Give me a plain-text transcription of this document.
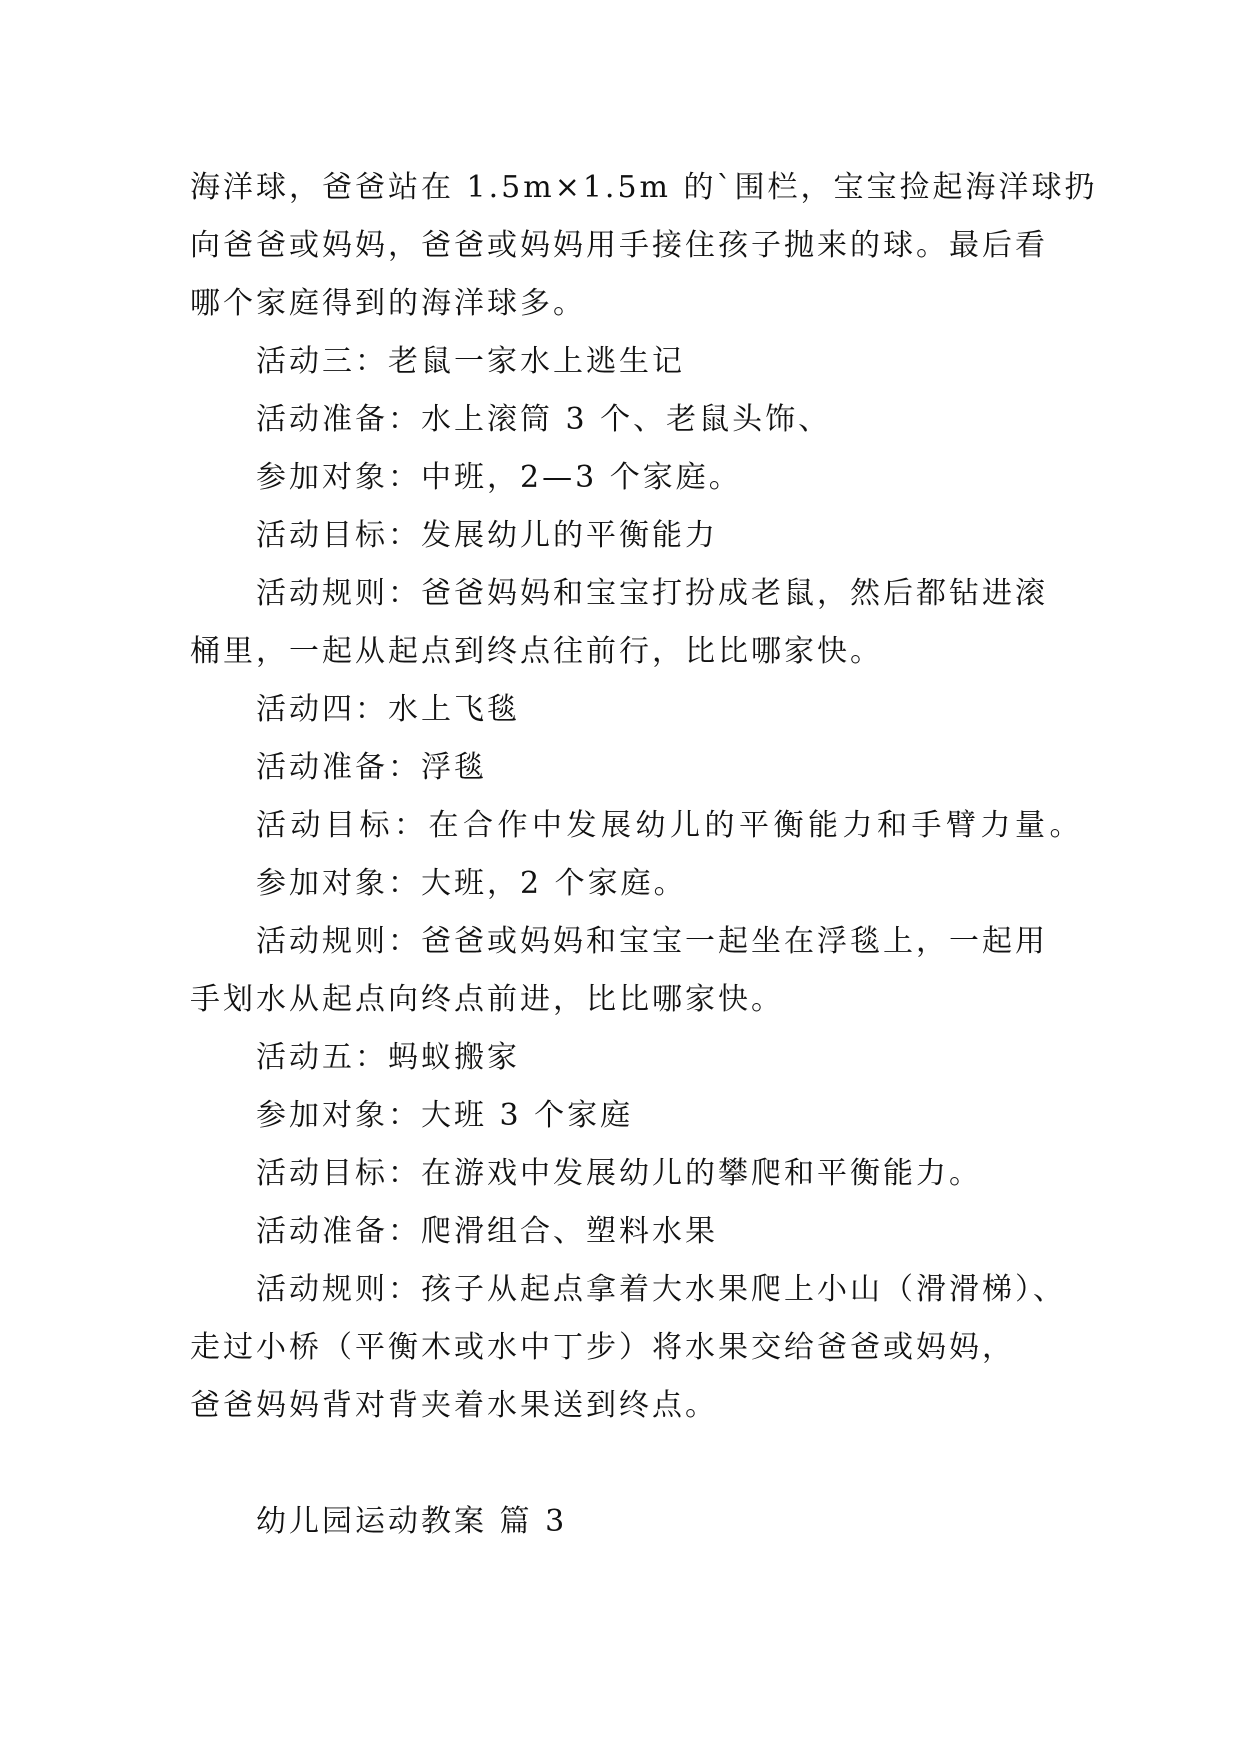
海洋球，爸爸站在 1.5m×1.5m 的`围栏，宝宝捡起海洋球扔
向爸爸或妈妈，爸爸或妈妈用手接住孩子抛来的球。最后看
哪个家庭得到的海洋球多。
活动三：老鼠一家水上逃生记
活动准备：水上滚筒 3 个、老鼠头饰、
参加对象：中班，2—3 个家庭。
活动目标：发展幼儿的平衡能力
活动规则：爸爸妈妈和宝宝打扮成老鼠，然后都钻进滚
桶里，一起从起点到终点往前行，比比哪家快。
活动四：水上飞毯
活动准备：浮毯
活动目标：在合作中发展幼儿的平衡能力和手臂力量。
参加对象：大班，2 个家庭。
活动规则：爸爸或妈妈和宝宝一起坐在浮毯上，一起用
手划水从起点向终点前进，比比哪家快。
活动五：蚂蚁搬家
参加对象：大班 3 个家庭
活动目标：在游戏中发展幼儿的攀爬和平衡能力。
活动准备：爬滑组合、塑料水果
活动规则：孩子从起点拿着大水果爬上小山（滑滑梯）、
走过小桥（平衡木或水中丁步）将水果交给爸爸或妈妈，
爸爸妈妈背对背夹着水果送到终点。
幼儿园运动教案 篇 3
